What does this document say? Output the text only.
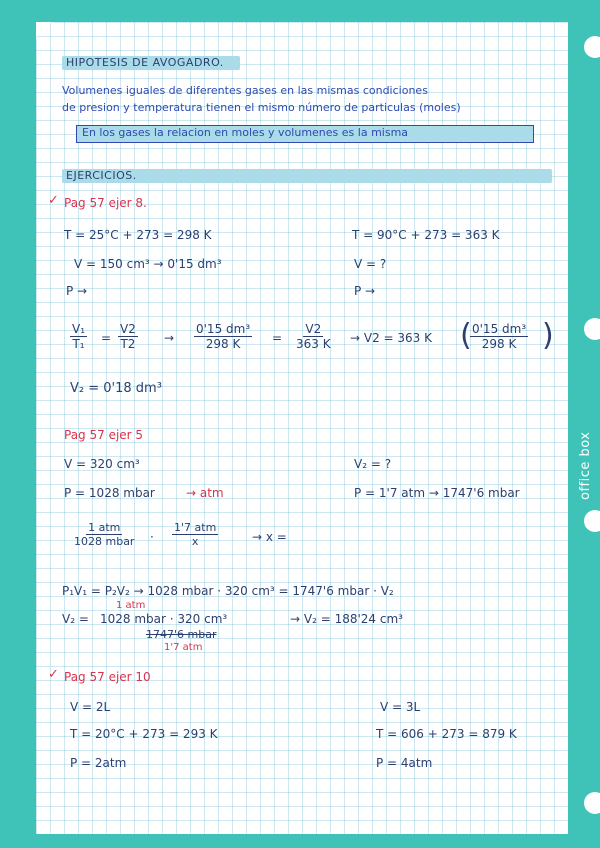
office box
HIPOTESIS DE AVOGADRO.
Volumenes iguales de diferentes gases en las mismas condiciones
de presion y temperatura tienen el mismo número de particulas (moles)
En los gases la relacion en moles y volumenes es la misma
EJERCICIOS.
✓ Pag 57 ejer 8.
T = 25°C + 273 = 298 K	T = 90°C + 273 = 363 K
V = 150 cm³ → 0'15 dm³	V = ?
P →	P →
$\frac{\text{V₁}}{\text{T₁}} = \frac{V2}{T2} \to \frac{\text{0'15 dm³}}{298 K} = \frac{V2}{363 K} \to V2 = 363$ K (
$\frac{\text{0'15 dm³}}{298 K}$ )
V₂ = 0'18 dm³
Pag 57 ejer 5
V = 320 cm³	V₂ = ?
P = 1028 mbar	→ atm	P = 1'7 atm → 1747'6 mbar
1 atm
1028 mbar ·
1'7 atm
x	→ x =
P₁V₁ = P₂V₂ → 1028 mbar · 320 cm³ = 1747'6 mbar · V₂
1 atm
V₂ = 1028 mbar · 320 cm³	→ V₂ = 188'24 cm³
1747'6 mbar
1'7 atm
✓ Pag 57 ejer 10
V = 2L	V = 3L
T = 20°C + 273 = 293 K	T = 606 + 273 = 879 K
P = 2atm	P = 4atm
